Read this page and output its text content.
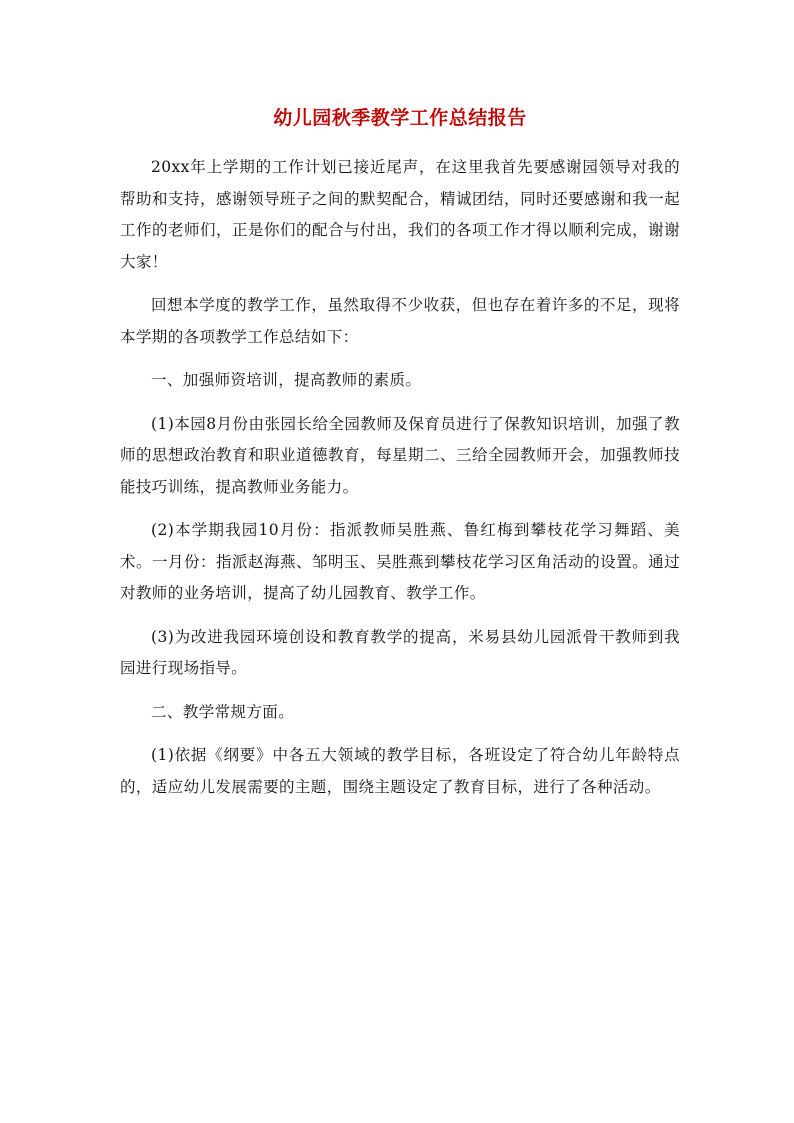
幼儿园秋季教学工作总结报告

20xx年上学期的工作计划已接近尾声，在这里我首先要感谢园领导对我的帮助和支持，感谢领导班子之间的默契配合，精诚团结，同时还要感谢和我一起工作的老师们，正是你们的配合与付出，我们的各项工作才得以顺利完成，谢谢大家！

回想本学度的教学工作，虽然取得不少收获，但也存在着许多的不足，现将本学期的各项教学工作总结如下：

一、加强师资培训，提高教师的素质。

(1)本园8月份由张园长给全园教师及保育员进行了保教知识培训，加强了教师的思想政治教育和职业道德教育，每星期二、三给全园教师开会，加强教师技能技巧训练，提高教师业务能力。

(2)本学期我园10月份：指派教师吴胜燕、鲁红梅到攀枝花学习舞蹈、美术。一月份：指派赵海燕、邹明玉、吴胜燕到攀枝花学习区角活动的设置。通过对教师的业务培训，提高了幼儿园教育、教学工作。

(3)为改进我园环境创设和教育教学的提高，米易县幼儿园派骨干教师到我园进行现场指导。

二、教学常规方面。

(1)依据《纲要》中各五大领域的教学目标，各班设定了符合幼儿年龄特点的，适应幼儿发展需要的主题，围绕主题设定了教育目标，进行了各种活动。
